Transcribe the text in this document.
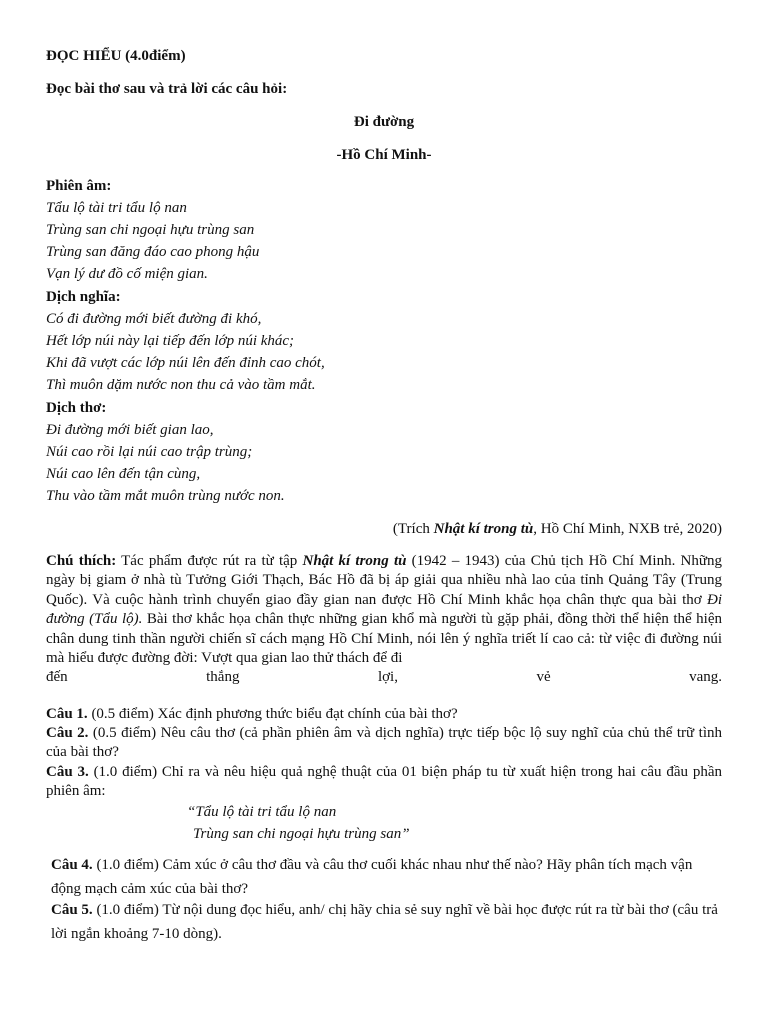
ĐỌC HIỂU (4.0điểm)
Đọc bài thơ sau và trả lời các câu hỏi:
Đi đường
-Hồ Chí Minh-
Phiên âm:
Tẩu lộ tài tri tẩu lộ nan
Trùng san chi ngoại hựu trùng san
Trùng san đăng đáo cao phong hậu
Vạn lý dư đồ cố miện gian.
Dịch nghĩa:
Có đi đường mới biết đường đi khó,
Hết lớp núi này lại tiếp đến lớp núi khác;
Khi đã vượt các lớp núi lên đến đỉnh cao chót,
Thì muôn dặm nước non thu cả vào tầm mắt.
Dịch thơ:
Đi đường mới biết gian lao,
Núi cao rồi lại núi cao trập trùng;
Núi cao lên đến tận cùng,
Thu vào tầm mắt muôn trùng nước non.
(Trích Nhật kí trong tù, Hồ Chí Minh, NXB trẻ, 2020)
Chú thích: Tác phẩm được rút ra từ tập Nhật kí trong tù (1942 – 1943) của Chủ tịch Hồ Chí Minh. Những ngày bị giam ở nhà tù Tưởng Giới Thạch, Bác Hồ đã bị áp giải qua nhiều nhà lao của tỉnh Quảng Tây (Trung Quốc). Và cuộc hành trình chuyển giao đầy gian nan được Hồ Chí Minh khắc họa chân thực qua bài thơ Đi đường (Tẩu lộ). Bài thơ khắc họa chân thực những gian khổ mà người tù gặp phải, đồng thời thể hiện thể hiện chân dung tinh thần người chiến sĩ cách mạng Hồ Chí Minh, nói lên ý nghĩa triết lí cao cả: từ việc đi đường núi mà hiểu được đường đời: Vượt qua gian lao thử thách để đi
đến thắng lợi, vẻ vang.
Câu 1. (0.5 điểm) Xác định phương thức biểu đạt chính của bài thơ?
Câu 2. (0.5 điểm) Nêu câu thơ (cả phần phiên âm và dịch nghĩa) trực tiếp bộc lộ suy nghĩ của chủ thể trữ tình của bài thơ?
Câu 3. (1.0 điểm) Chỉ ra và nêu hiệu quả nghệ thuật của 01 biện pháp tu từ xuất hiện trong hai câu đầu phần phiên âm:
“Tẩu lộ tài tri tẩu lộ nan
Trùng san chi ngoại hựu trùng san”
Câu 4. (1.0 điểm) Cảm xúc ở câu thơ đầu và câu thơ cuối khác nhau như thế nào? Hãy phân tích mạch vận động mạch cảm xúc của bài thơ?
Câu 5. (1.0 điểm) Từ nội dung đọc hiểu, anh/ chị hãy chia sẻ suy nghĩ về bài học được rút ra từ bài thơ (câu trả lời ngắn khoảng 7-10 dòng).
